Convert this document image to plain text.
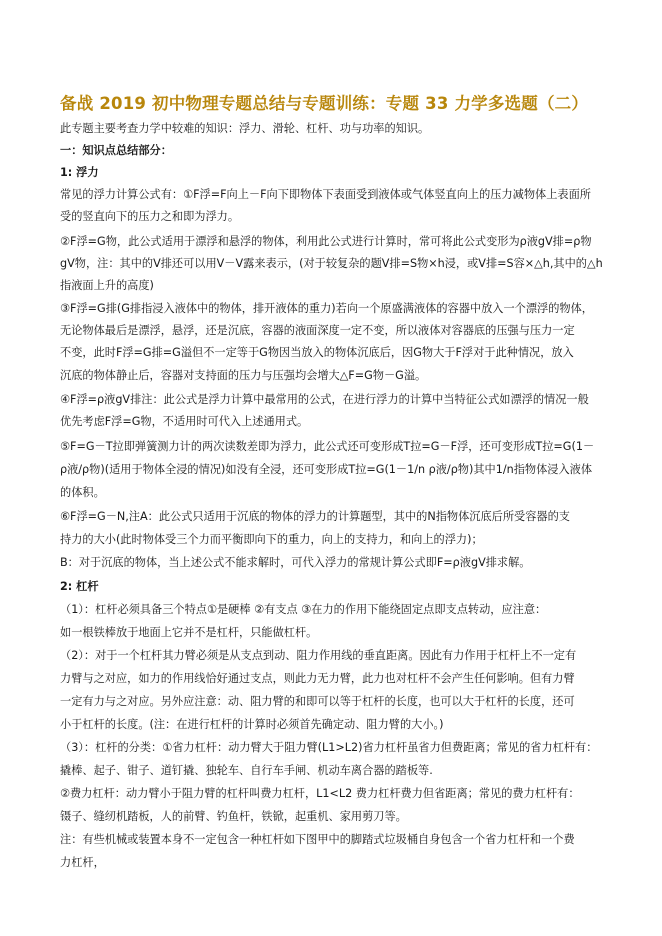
备战 2019 初中物理专题总结与专题训练：专题 33 力学多选题（二）
此专题主要考查力学中较难的知识：浮力、滑轮、杠杆、功与功率的知识。
一：知识点总结部分：
1: 浮力
常见的浮力计算公式有：①F浮=F向上－F向下即物体下表面受到液体或气体竖直向上的压力减物体上表面所
受的竖直向下的压力之和即为浮力。
②F浮=G物，此公式适用于漂浮和悬浮的物体，利用此公式进行计算时，常可将此公式变形为ρ液gV排=ρ物
gV物，注：其中的V排还可以用V－V露来表示，(对于较复杂的题V排=S物×h浸，或V排=S容×△h,其中的△h
指液面上升的高度)
③F浮=G排(G排指浸入液体中的物体，排开液体的重力)若向一个原盛满液体的容器中放入一个漂浮的物体，
无论物体最后是漂浮，悬浮，还是沉底，容器的液面深度一定不变，所以液体对容器底的压强与压力一定
不变，此时F浮=G排=G溢但不一定等于G物因当放入的物体沉底后，因G物大于F浮对于此种情况，放入
沉底的物体静止后，容器对支持面的压力与压强均会增大△F=G物－G溢。
④F浮=ρ液gV排注：此公式是浮力计算中最常用的公式，在进行浮力的计算中当特征公式如漂浮的情况一般
优先考虑F浮=G物，不适用时可代入上述通用式。
⑤F=G－T拉即弹簧测力计的两次读数差即为浮力，此公式还可变形成T拉=G－F浮，还可变形成T拉=G(1－
ρ液/ρ物)(适用于物体全浸的情况)如没有全浸，还可变形成T拉=G(1－1/n ρ液/ρ物)其中1/n指物体浸入液体
的体积。
⑥F浮=G－N,注A：此公式只适用于沉底的物体的浮力的计算题型，其中的N指物体沉底后所受容器的支
持力的大小(此时物体受三个力而平衡即向下的重力，向上的支持力，和向上的浮力)；
B：对于沉底的物体，当上述公式不能求解时，可代入浮力的常规计算公式即F=ρ液gV排求解。
2: 杠杆
（1）：杠杆必须具备三个特点①是硬棒 ②有支点 ③在力的作用下能绕固定点即支点转动，应注意：
如一根铁棒放于地面上它并不是杠杆，只能做杠杆。
（2）：对于一个杠杆其力臂必须是从支点到动、阻力作用线的垂直距离。因此有力作用于杠杆上不一定有
力臂与之对应，如力的作用线恰好通过支点，则此力无力臂，此力也对杠杆不会产生任何影响。但有力臂
一定有力与之对应。另外应注意：动、阻力臂的和即可以等于杠杆的长度，也可以大于杠杆的长度，还可
小于杠杆的长度。(注：在进行杠杆的计算时必须首先确定动、阻力臂的大小。)
（3）：杠杆的分类：①省力杠杆：动力臂大于阻力臂(L1>L2)省力杠杆虽省力但费距离；常见的省力杠杆有：
撬棒、起子、钳子、道钉撬、独轮车、自行车手闸、机动车离合器的踏板等.
②费力杠杆：动力臂小于阻力臂的杠杆叫费力杠杆，L1<L2 费力杠杆费力但省距离；常见的费力杠杆有：
镊子、缝纫机踏板，人的前臂、钓鱼杆，铁锨，起重机、家用剪刀等。
注：有些机械或装置本身不一定包含一种杠杆如下图甲中的脚踏式垃圾桶自身包含一个省力杠杆和一个费
力杠杆，
